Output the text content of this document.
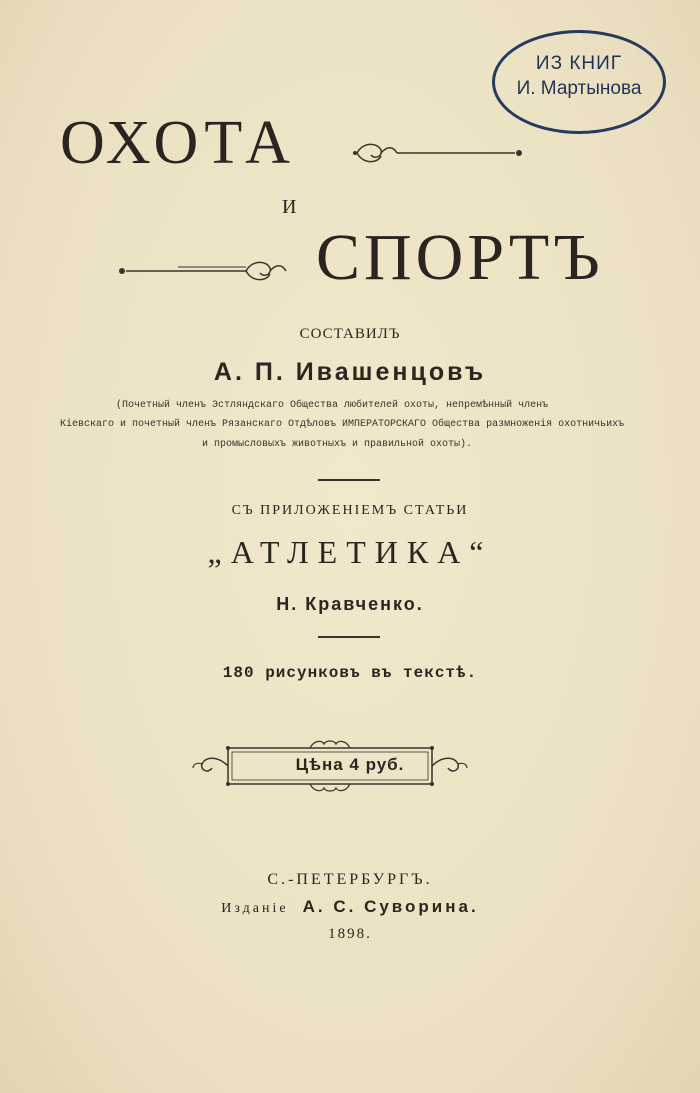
ИЗ КНИГ
И. Мартынова
ОХОТА
И
СПОРТЪ
СОСТАВИЛЪ
А. П. Ивашенцовъ
(Почетный членъ Эстляндскаго Общества любителей охоты, непремѣнный членъ
Кіевскаго и почетный членъ Рязанскаго Отдѣловъ ИМПЕРАТОРСКАГО Общества размноженія охотничьихъ
и промысловыхъ животныхъ и правильной охоты).
СЪ ПРИЛОЖЕНІЕМЪ СТАТЬИ
„АТЛЕТИКА“
Н. Кравченко.
180 рисунковъ въ текстѣ.
Цѣна 4 руб.
С.-ПЕТЕРБУРГЪ.
Изданіе А. С. Суворина.
1898.
